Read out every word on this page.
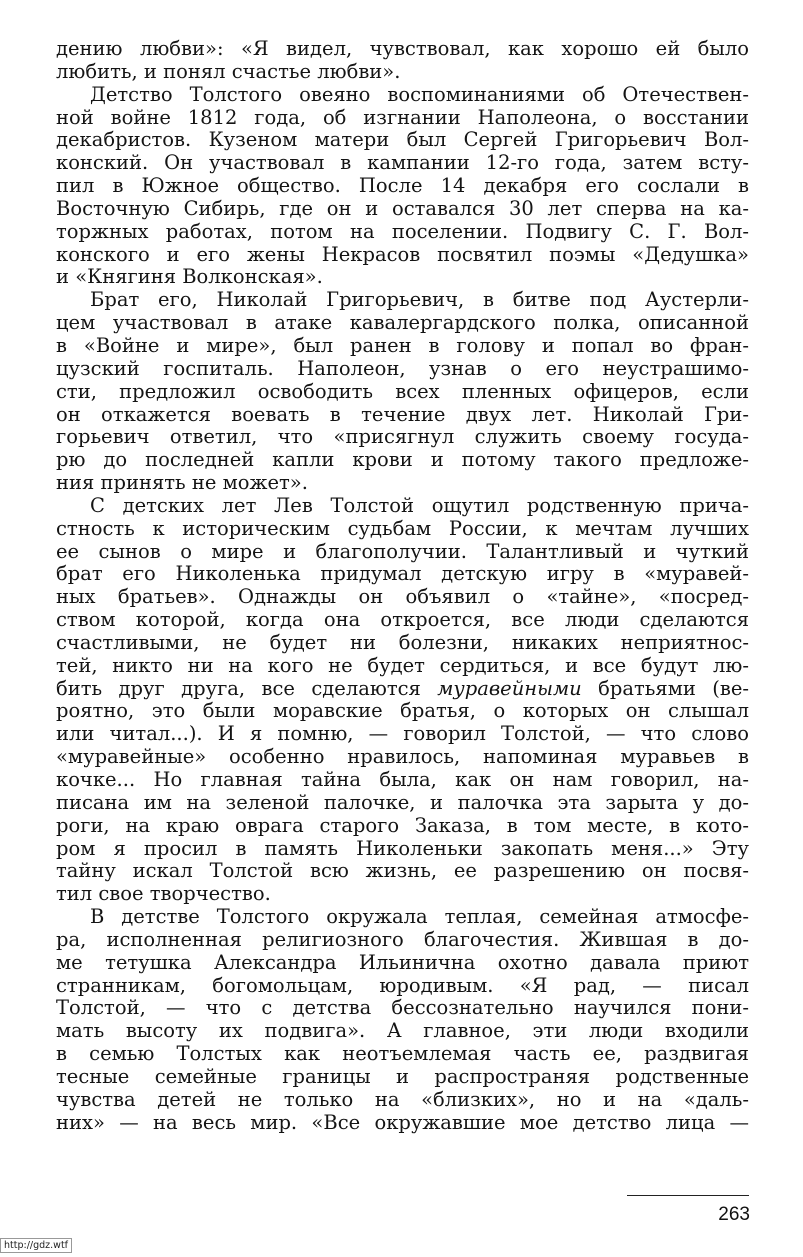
дению любви»: «Я видел, чувствовал, как хорошо ей было
любить, и понял счастье любви».
Детство Толстого овеяно воспоминаниями об Отечествен-
ной войне 1812 года, об изгнании Наполеона, о восстании
декабристов. Кузеном матери был Сергей Григорьевич Вол-
конский. Он участвовал в кампании 12-го года, затем всту-
пил в Южное общество. После 14 декабря его сослали в
Восточную Сибирь, где он и оставался 30 лет сперва на ка-
торжных работах, потом на поселении. Подвигу С. Г. Вол-
конского и его жены Некрасов посвятил поэмы «Дедушка»
и «Княгиня Волконская».
Брат его, Николай Григорьевич, в битве под Аустерли-
цем участвовал в атаке кавалергардского полка, описанной
в «Войне и мире», был ранен в голову и попал во фран-
цузский госпиталь. Наполеон, узнав о его неустрашимо-
сти, предложил освободить всех пленных офицеров, если
он откажется воевать в течение двух лет. Николай Гри-
горьевич ответил, что «присягнул служить своему госуда-
рю до последней капли крови и потому такого предложе-
ния принять не может».
С детских лет Лев Толстой ощутил родственную прича-
стность к историческим судьбам России, к мечтам лучших
ее сынов о мире и благополучии. Талантливый и чуткий
брат его Николенька придумал детскую игру в «муравей-
ных братьев». Однажды он объявил о «тайне», «посред-
ством которой, когда она откроется, все люди сделаются
счастливыми, не будет ни болезни, никаких неприятнос-
тей, никто ни на кого не будет сердиться, и все будут лю-
бить друг друга, все сделаются муравейными братьями (ве-
роятно, это были моравские братья, о которых он слышал
или читал...). И я помню, — говорил Толстой, — что слово
«муравейные» особенно нравилось, напоминая муравьев в
кочке... Но главная тайна была, как он нам говорил, на-
писана им на зеленой палочке, и палочка эта зарыта у до-
роги, на краю оврага старого Заказа, в том месте, в кото-
ром я просил в память Николеньки закопать меня...» Эту
тайну искал Толстой всю жизнь, ее разрешению он посвя-
тил свое творчество.
В детстве Толстого окружала теплая, семейная атмосфе-
ра, исполненная религиозного благочестия. Жившая в до-
ме тетушка Александра Ильинична охотно давала приют
странникам, богомольцам, юродивым. «Я рад, — писал
Толстой, — что с детства бессознательно научился пони-
мать высоту их подвига». А главное, эти люди входили
в семью Толстых как неотъемлемая часть ее, раздвигая
тесные семейные границы и распространяя родственные
чувства детей не только на «близких», но и на «даль-
них» — на весь мир. «Все окружавшие мое детство лица —
263
http://gdz.wtf
